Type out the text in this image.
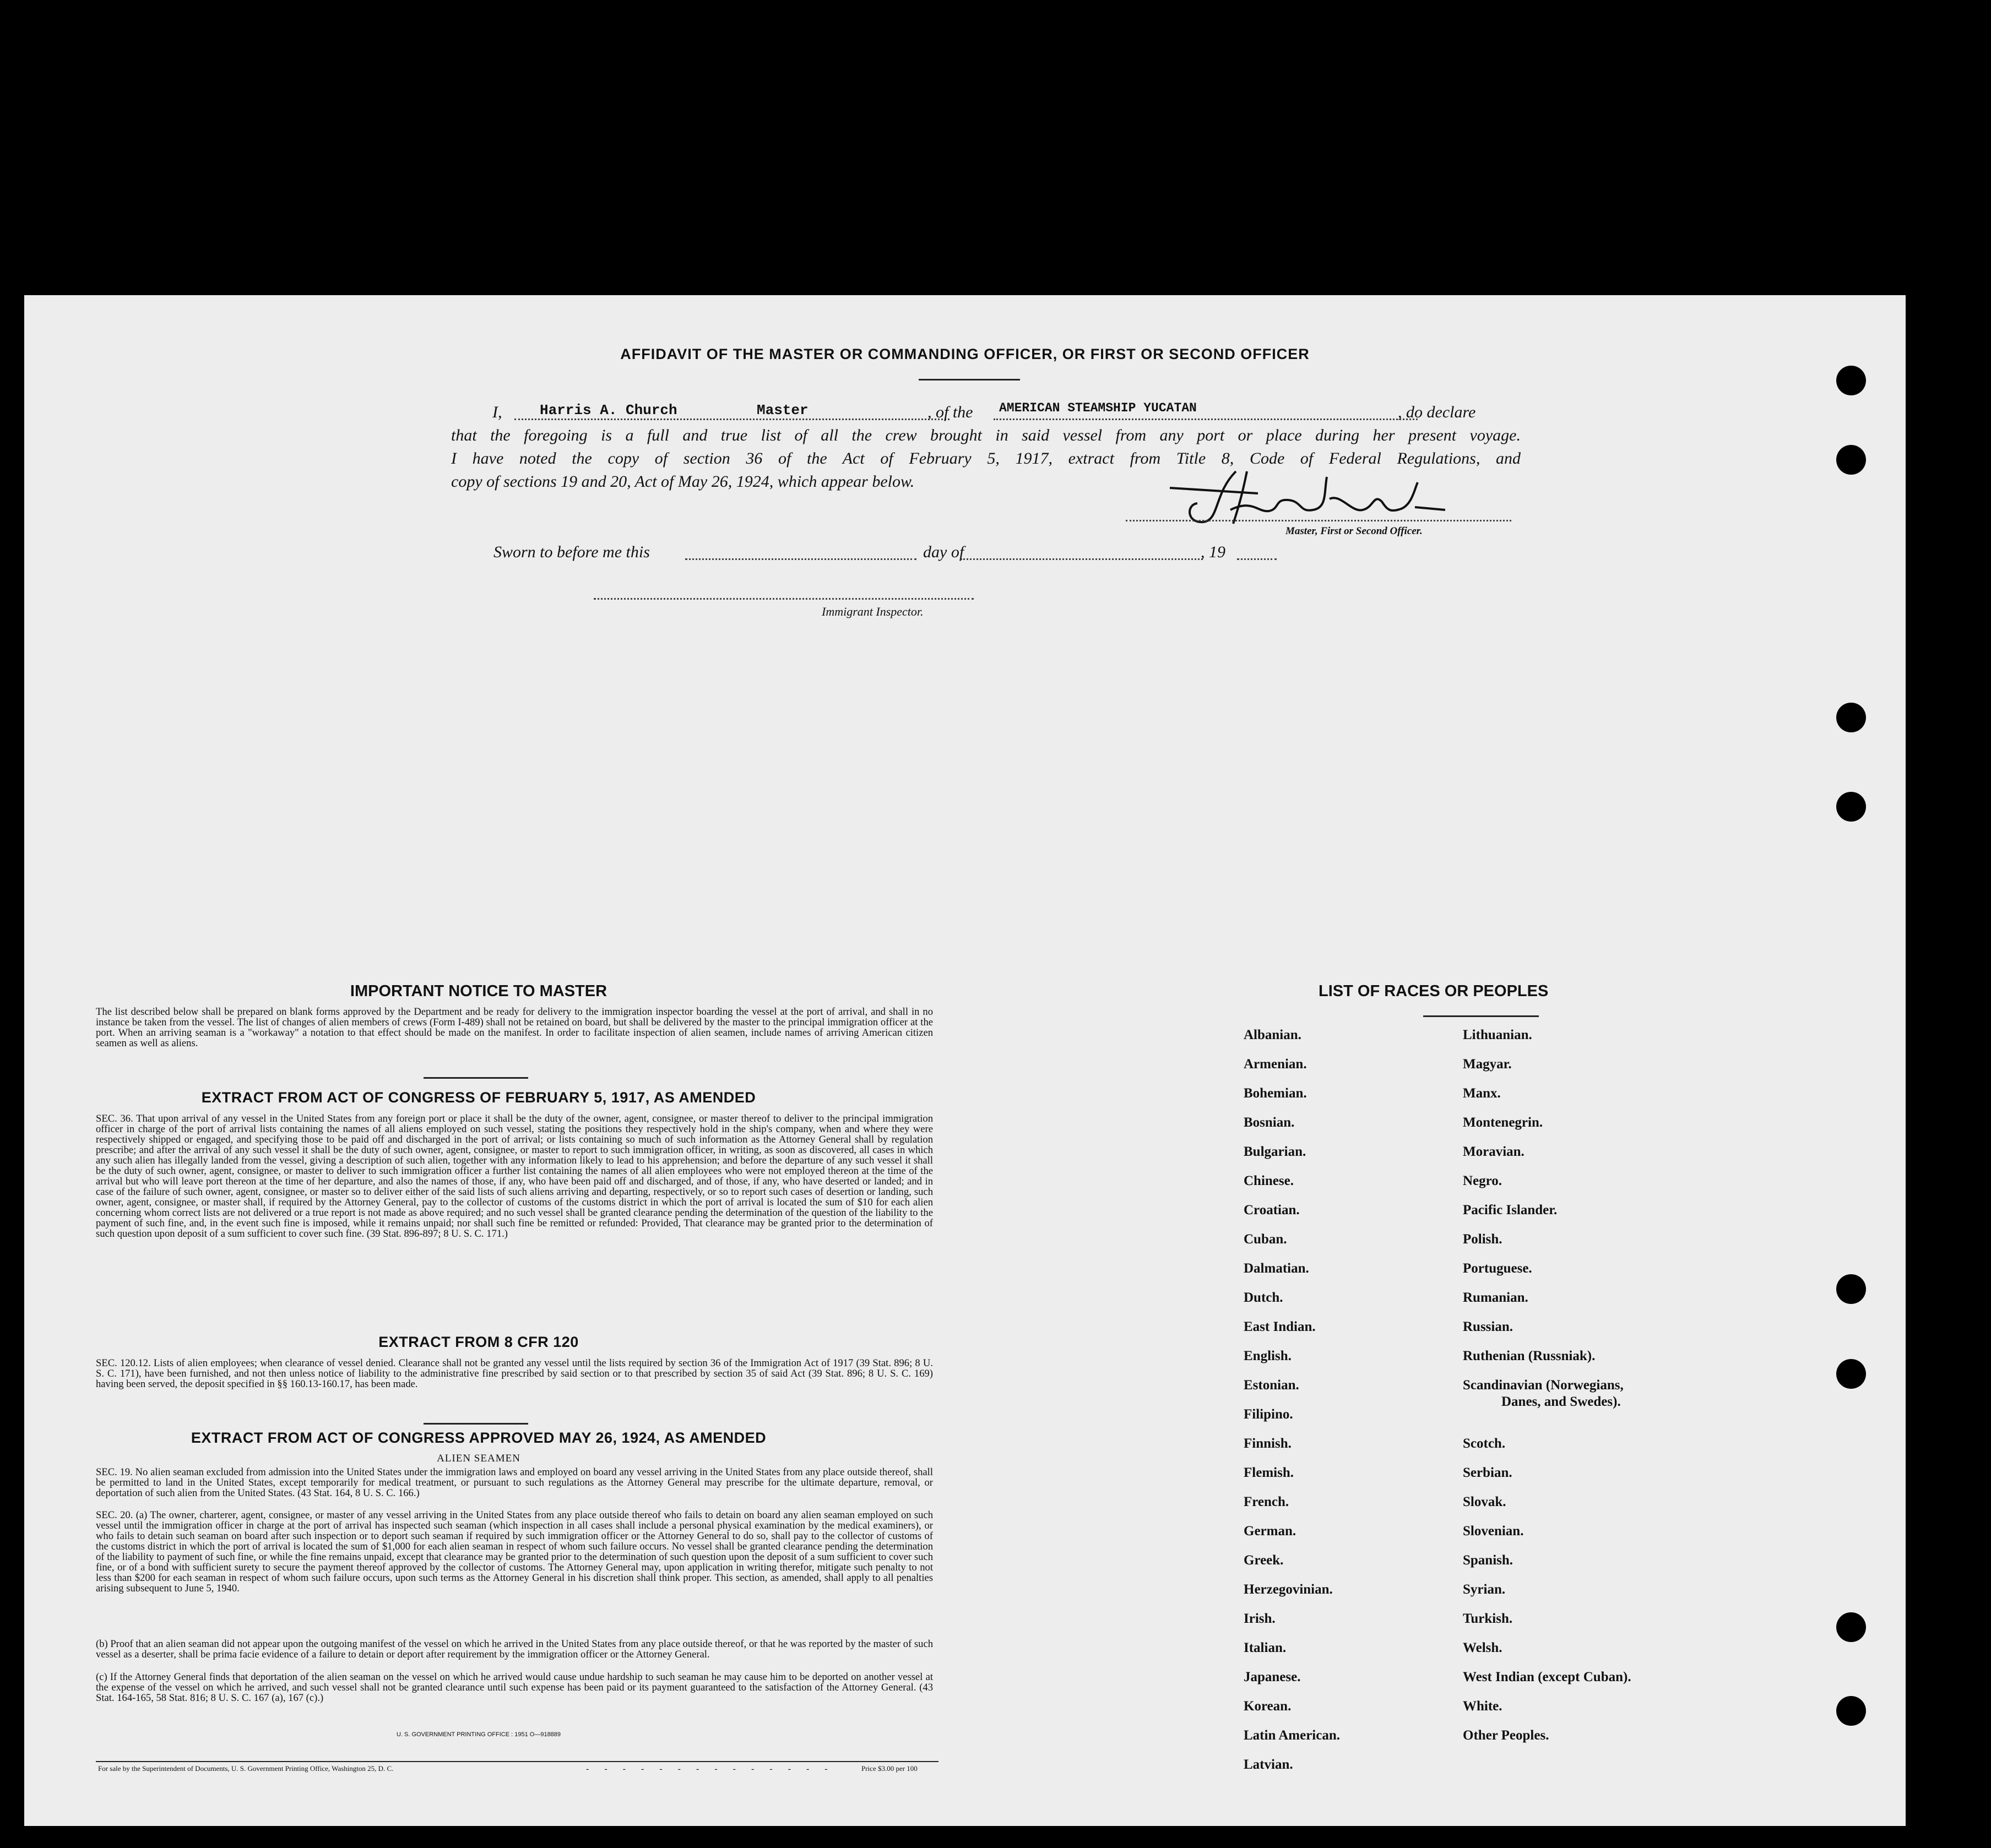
AFFIDAVIT OF THE MASTER OR COMMANDING OFFICER, OR FIRST OR SECOND OFFICER
I,	Harris A. Church	Master	, of the AMERICAN STEAMSHIP YUCATAN	, do declare
that the foregoing is a full and true list of all the crew brought in said vessel from any port or place during her present voyage.
I have noted the copy of section 36 of the Act of February 5, 1917, extract from Title 8, Code of Federal Regulations, and
copy of sections 19 and 20, Act of May 26, 1924, which appear below.
Master, First or Second Officer.
Sworn to before me this	day of	, 19
Immigrant Inspector.
IMPORTANT NOTICE TO MASTER
The list described below shall be prepared on blank forms approved by the Department and be ready for delivery to the immigration inspector boarding the vessel at the port of arrival, and shall in no instance be taken from the vessel. The list of changes of alien members of crews (Form I-489) shall not be retained on board, but shall be delivered by the master to the principal immigration officer at the port. When an arriving seaman is a "workaway" a notation to that effect should be made on the manifest. In order to facilitate inspection of alien seamen, include names of arriving American citizen seamen as well as aliens.
EXTRACT FROM ACT OF CONGRESS OF FEBRUARY 5, 1917, AS AMENDED
SEC. 36. That upon arrival of any vessel in the United States from any foreign port or place it shall be the duty of the owner, agent, consignee, or master thereof to deliver to the principal immigration officer in charge of the port of arrival lists containing the names of all aliens employed on such vessel, stating the positions they respectively hold in the ship's company, when and where they were respectively shipped or engaged, and specifying those to be paid off and discharged in the port of arrival; or lists containing so much of such information as the Attorney General shall by regulation prescribe; and after the arrival of any such vessel it shall be the duty of such owner, agent, consignee, or master to report to such immigration officer, in writing, as soon as discovered, all cases in which any such alien has illegally landed from the vessel, giving a description of such alien, together with any information likely to lead to his apprehension; and before the departure of any such vessel it shall be the duty of such owner, agent, consignee, or master to deliver to such immigration officer a further list containing the names of all alien employees who were not employed thereon at the time of the arrival but who will leave port thereon at the time of her departure, and also the names of those, if any, who have been paid off and discharged, and of those, if any, who have deserted or landed; and in case of the failure of such owner, agent, consignee, or master so to deliver either of the said lists of such aliens arriving and departing, respectively, or so to report such cases of desertion or landing, such owner, agent, consignee, or master shall, if required by the Attorney General, pay to the collector of customs of the customs district in which the port of arrival is located the sum of $10 for each alien concerning whom correct lists are not delivered or a true report is not made as above required; and no such vessel shall be granted clearance pending the determination of the question of the liability to the payment of such fine, and, in the event such fine is imposed, while it remains unpaid; nor shall such fine be remitted or refunded: Provided, That clearance may be granted prior to the determination of such question upon deposit of a sum sufficient to cover such fine. (39 Stat. 896-897; 8 U. S. C. 171.)
EXTRACT FROM 8 CFR 120
SEC. 120.12. Lists of alien employees; when clearance of vessel denied. Clearance shall not be granted any vessel until the lists required by section 36 of the Immigration Act of 1917 (39 Stat. 896; 8 U. S. C. 171), have been furnished, and not then unless notice of liability to the administrative fine prescribed by said section or to that prescribed by section 35 of said Act (39 Stat. 896; 8 U. S. C. 169) having been served, the deposit specified in §§ 160.13-160.17, has been made.
EXTRACT FROM ACT OF CONGRESS APPROVED MAY 26, 1924, AS AMENDED
ALIEN SEAMEN
SEC. 19. No alien seaman excluded from admission into the United States under the immigration laws and employed on board any vessel arriving in the United States from any place outside thereof, shall be permitted to land in the United States, except temporarily for medical treatment, or pursuant to such regulations as the Attorney General may prescribe for the ultimate departure, removal, or deportation of such alien from the United States. (43 Stat. 164, 8 U. S. C. 166.)
SEC. 20. (a) The owner, charterer, agent, consignee, or master of any vessel arriving in the United States from any place outside thereof who fails to detain on board any alien seaman employed on such vessel until the immigration officer in charge at the port of arrival has inspected such seaman (which inspection in all cases shall include a personal physical examination by the medical examiners), or who fails to detain such seaman on board after such inspection or to deport such seaman if required by such immigration officer or the Attorney General to do so, shall pay to the collector of customs of the customs district in which the port of arrival is located the sum of $1,000 for each alien seaman in respect of whom such failure occurs. No vessel shall be granted clearance pending the determination of the liability to payment of such fine, or while the fine remains unpaid, except that clearance may be granted prior to the determination of such question upon the deposit of a sum sufficient to cover such fine, or of a bond with sufficient surety to secure the payment thereof approved by the collector of customs. The Attorney General may, upon application in writing therefor, mitigate such penalty to not less than $200 for each seaman in respect of whom such failure occurs, upon such terms as the Attorney General in his discretion shall think proper. This section, as amended, shall apply to all penalties arising subsequent to June 5, 1940.
(b) Proof that an alien seaman did not appear upon the outgoing manifest of the vessel on which he arrived in the United States from any place outside thereof, or that he was reported by the master of such vessel as a deserter, shall be prima facie evidence of a failure to detain or deport after requirement by the immigration officer or the Attorney General.
(c) If the Attorney General finds that deportation of the alien seaman on the vessel on which he arrived would cause undue hardship to such seaman he may cause him to be deported on another vessel at the expense of the vessel on which he arrived, and such vessel shall not be granted clearance until such expense has been paid or its payment guaranteed to the satisfaction of the Attorney General. (43 Stat. 164-165, 58 Stat. 816; 8 U. S. C. 167 (a), 167 (c).)
U. S. GOVERNMENT PRINTING OFFICE : 1951 O—918889
For sale by the Superintendent of Documents, U. S. Government Printing Office, Washington 25, D. C.	- - - - - - - - - - - - - -	Price $3.00 per 100
LIST OF RACES OR PEOPLES
Albanian.
Armenian.
Bohemian.
Bosnian.
Bulgarian.
Chinese.
Croatian.
Cuban.
Dalmatian.
Dutch.
East Indian.
English.
Estonian.
Filipino.
Finnish.
Flemish.
French.
German.
Greek.
Herzegovinian.
Irish.
Italian.
Japanese.
Korean.
Latin American.
Latvian.
Lithuanian.
Magyar.
Manx.
Montenegrin.
Moravian.
Negro.
Pacific Islander.
Polish.
Portuguese.
Rumanian.
Russian.
Ruthenian (Russniak).
Scandinavian (Norwegians,
Danes, and Swedes).
Scotch.
Serbian.
Slovak.
Slovenian.
Spanish.
Syrian.
Turkish.
Welsh.
West Indian (except Cuban).
White.
Other Peoples.
